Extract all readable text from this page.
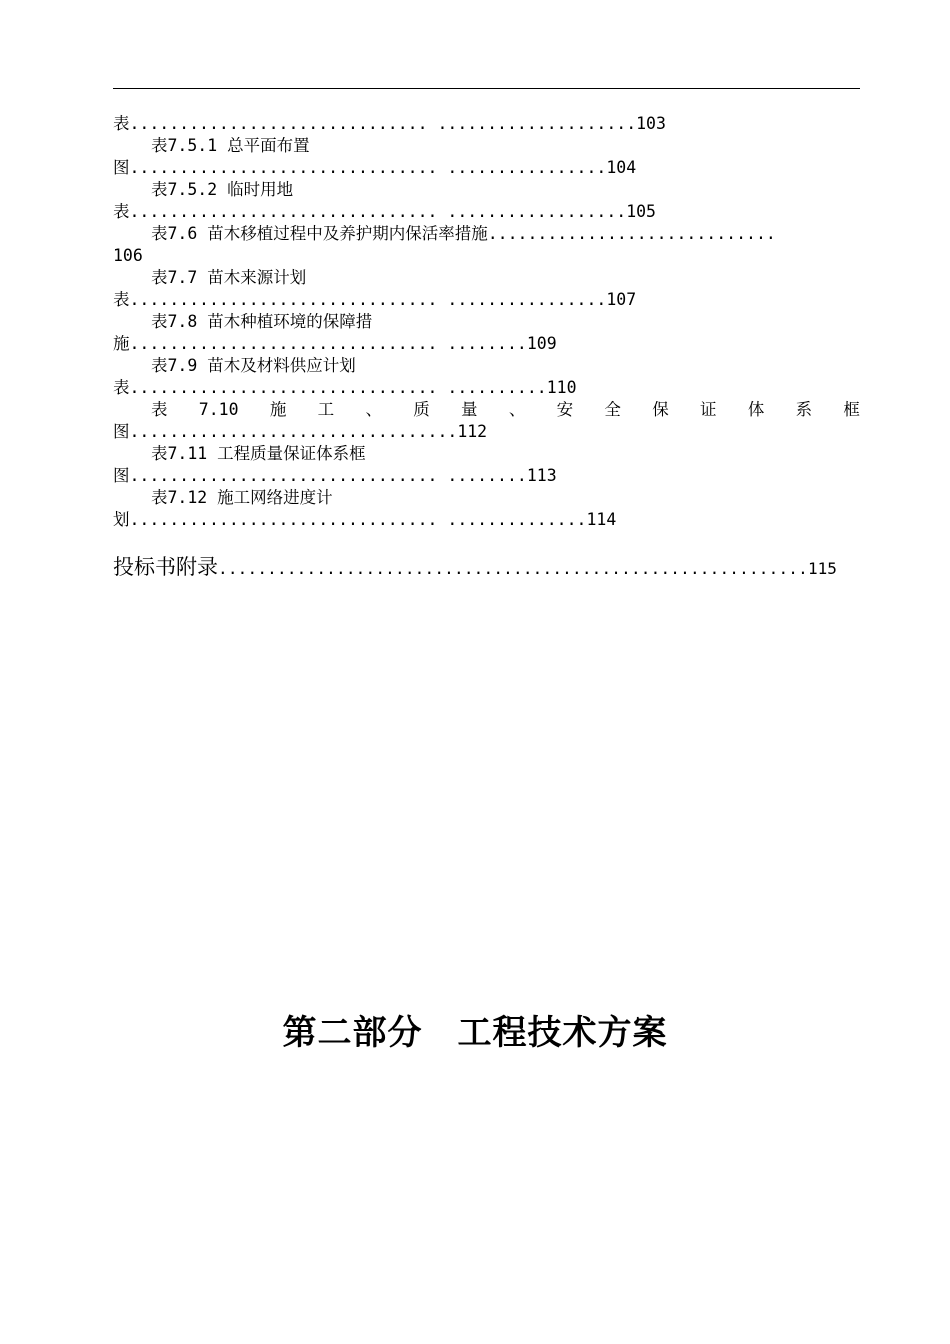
表.............................. ....................103
表7.5.1 总平面布置
图............................... ................104
表7.5.2 临时用地
表............................... ..................105
表7.6 苗木移植过程中及养护期内保活率措施.............................
106
表7.7 苗木来源计划
表............................... ................107
表7.8 苗木种植环境的保障措
施............................... ........109
表7.9 苗木及材料供应计划
表............................... ..........110
表 7.10 施 工 、 质 量 、 安 全 保 证 体 系 框
图.................................112
表7.11 工程质量保证体系框
图............................... ........113
表7.12 施工网络进度计
划............................... ..............114
投标书附录............................................................115
第二部分　工程技术方案
